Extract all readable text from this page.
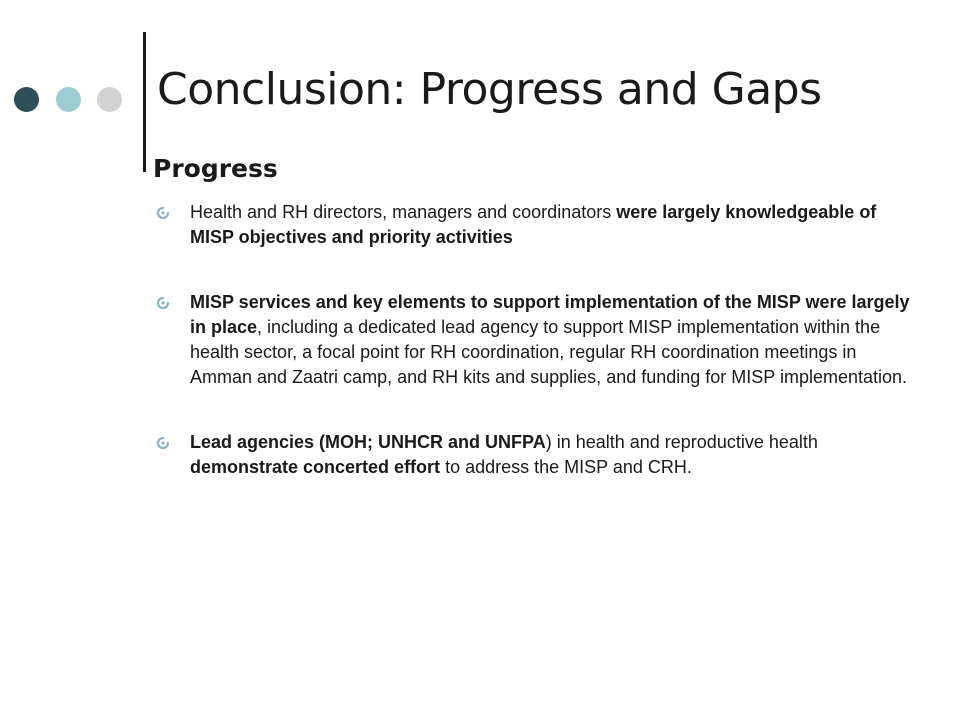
Conclusion: Progress and Gaps
Progress
Health and RH directors, managers and coordinators were largely knowledgeable of MISP objectives and priority activities
MISP services and key elements to support implementation of the MISP were largely in place, including a dedicated lead agency to support MISP implementation within the health sector, a focal point for RH coordination, regular RH coordination meetings in Amman and Zaatri camp, and RH kits and supplies, and funding for MISP implementation.
Lead agencies (MOH; UNHCR and UNFPA) in health and reproductive health demonstrate concerted effort to address the MISP and CRH.
